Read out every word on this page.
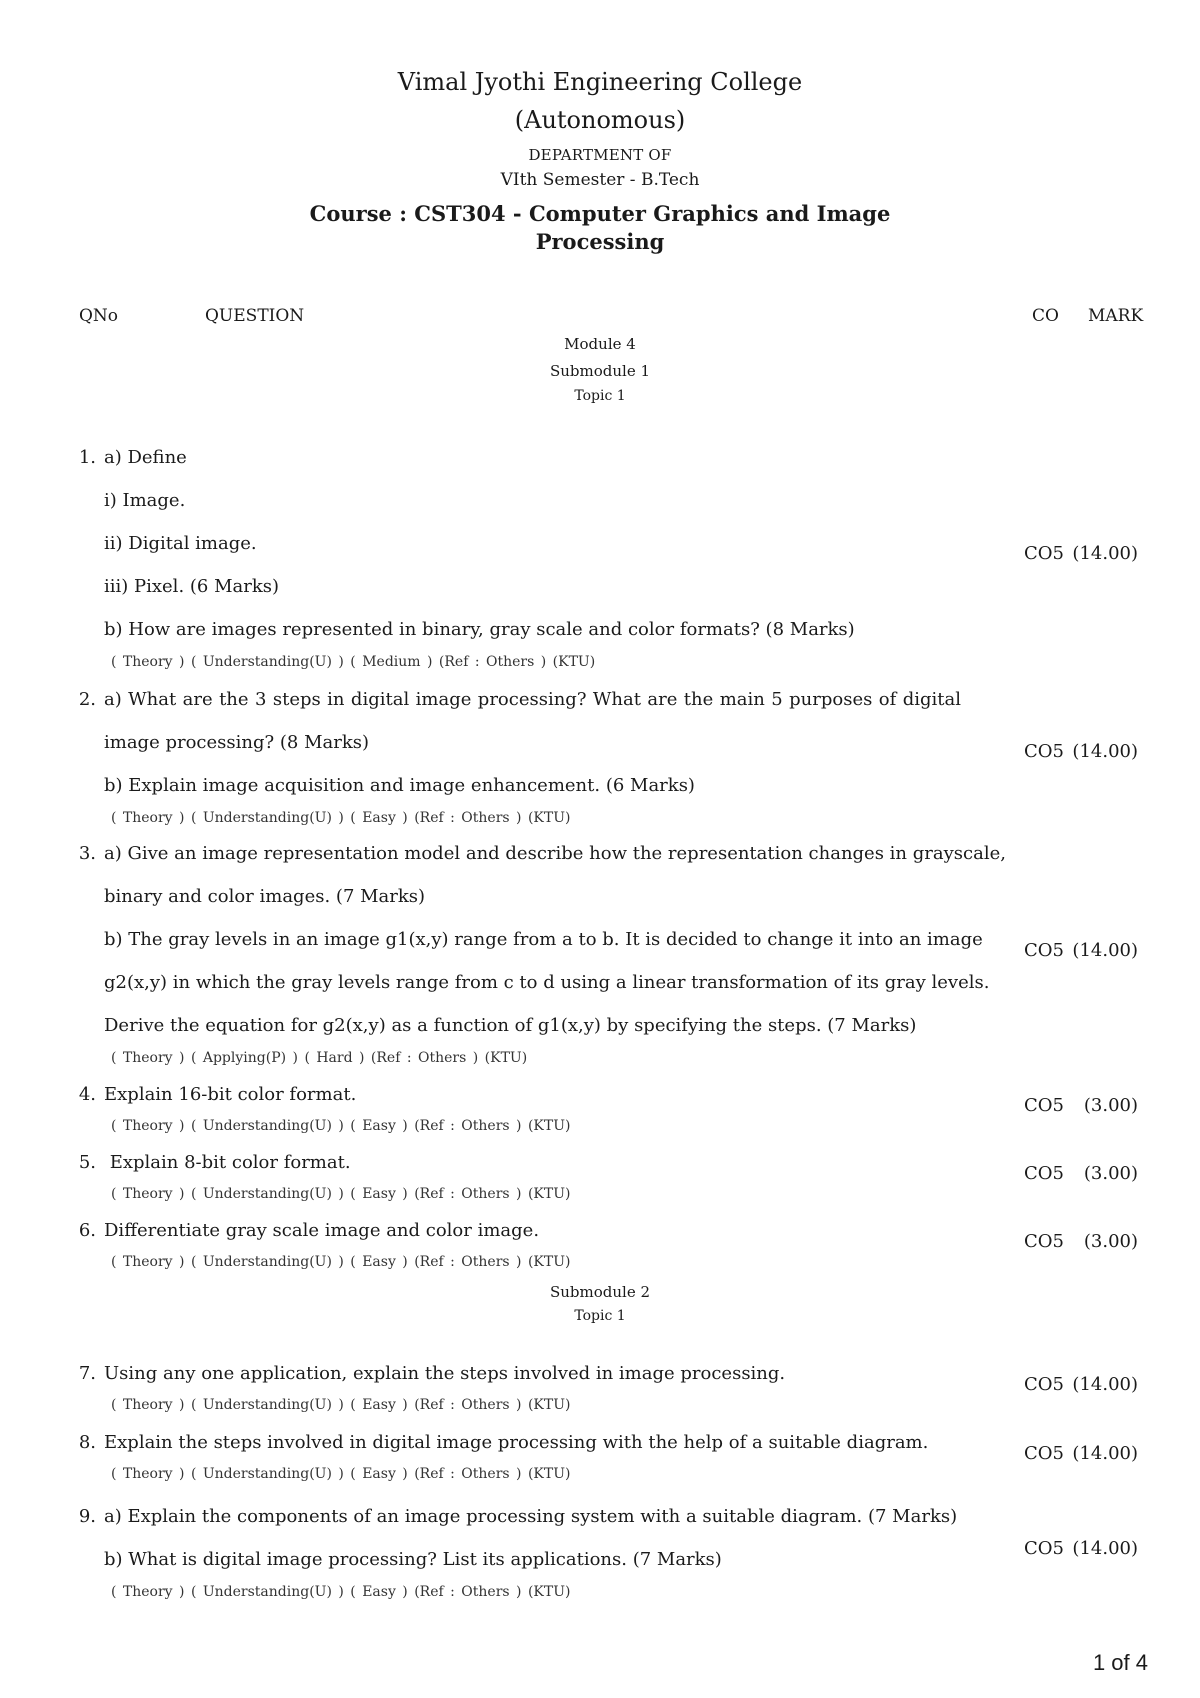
Vimal Jyothi Engineering College
(Autonomous)
DEPARTMENT OF
VIth Semester - B.Tech
Course : CST304 - Computer Graphics and Image
Processing
QNo	QUESTION	CO MARK
Module 4
Submodule 1
Topic 1
1. a) Define
i) Image.
ii) Digital image.
iii) Pixel. (6 Marks)
b) How are images represented in binary, gray scale and color formats? (8 Marks)
( Theory ) ( Understanding(U) ) ( Medium ) (Ref : Others ) (KTU)
CO5 (14.00)
2. a) What are the 3 steps in digital image processing? What are the main 5 purposes of digital
image processing? (8 Marks)
b) Explain image acquisition and image enhancement. (6 Marks)
( Theory ) ( Understanding(U) ) ( Easy ) (Ref : Others ) (KTU)
CO5 (14.00)
3. a) Give an image representation model and describe how the representation changes in grayscale,
binary and color images. (7 Marks)
b) The gray levels in an image g1(x,y) range from a to b. It is decided to change it into an image
g2(x,y) in which the gray levels range from c to d using a linear transformation of its gray levels.
Derive the equation for g2(x,y) as a function of g1(x,y) by specifying the steps. (7 Marks)
( Theory ) ( Applying(P) ) ( Hard ) (Ref : Others ) (KTU)
CO5 (14.00)
4. Explain 16-bit color format.
( Theory ) ( Understanding(U) ) ( Easy ) (Ref : Others ) (KTU)
CO5	(3.00)
5. Explain 8-bit color format.
( Theory ) ( Understanding(U) ) ( Easy ) (Ref : Others ) (KTU)
CO5	(3.00)
6. Differentiate gray scale image and color image.
( Theory ) ( Understanding(U) ) ( Easy ) (Ref : Others ) (KTU)
CO5	(3.00)
Submodule 2
Topic 1
7. Using any one application, explain the steps involved in image processing.
( Theory ) ( Understanding(U) ) ( Easy ) (Ref : Others ) (KTU)
CO5 (14.00)
8. Explain the steps involved in digital image processing with the help of a suitable diagram.
( Theory ) ( Understanding(U) ) ( Easy ) (Ref : Others ) (KTU)
CO5 (14.00)
9. a) Explain the components of an image processing system with a suitable diagram. (7 Marks)
b) What is digital image processing? List its applications. (7 Marks)
( Theory ) ( Understanding(U) ) ( Easy ) (Ref : Others ) (KTU)
CO5 (14.00)
1 of 4
